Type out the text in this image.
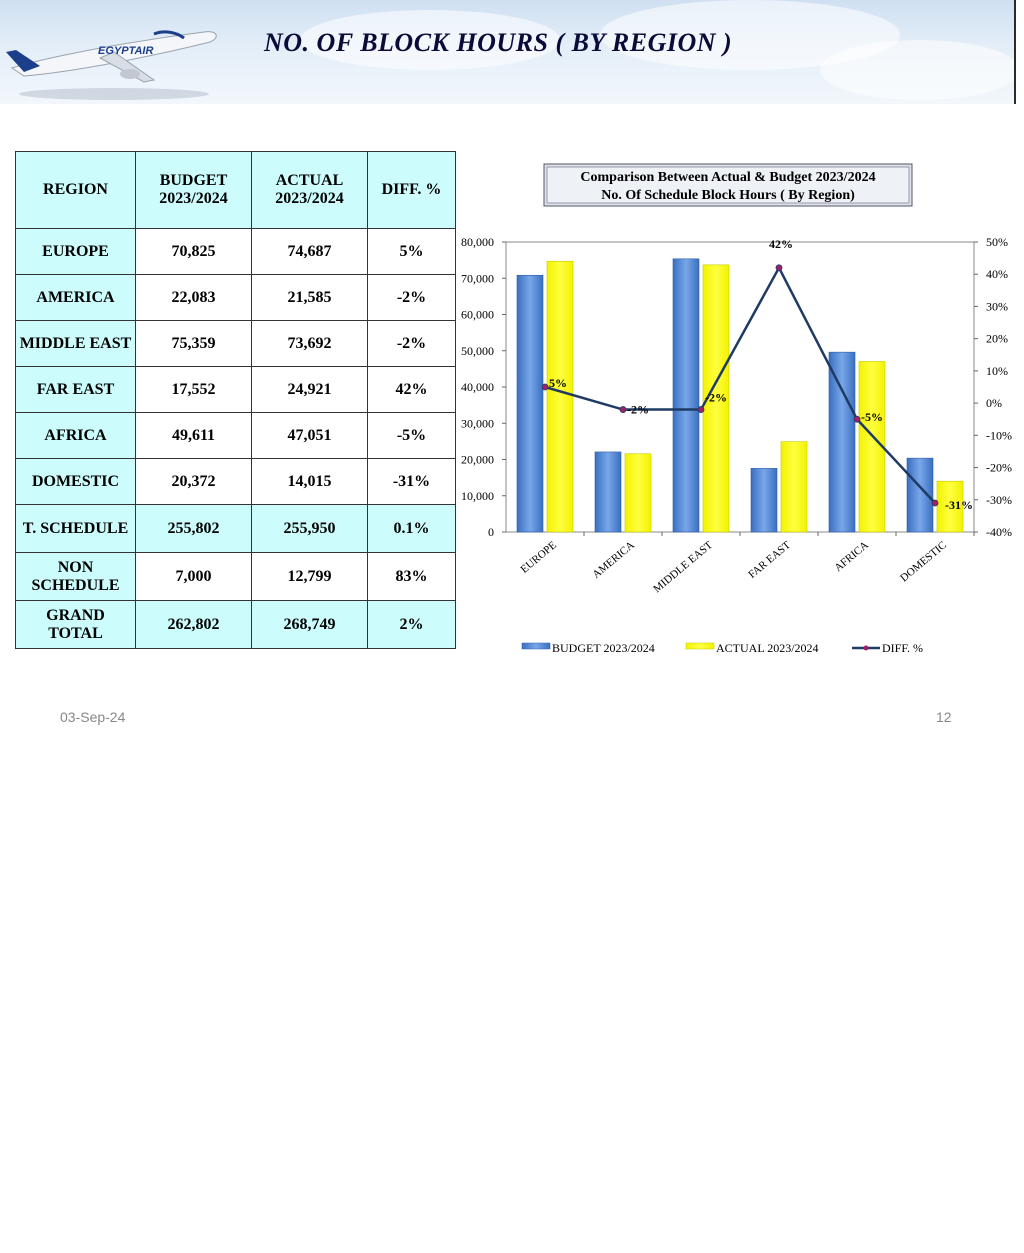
EGYPTAIR	NO. OF BLOCK HOURS ( BY REGION )
REGION	BUDGET 2023/2024	ACTUAL 2023/2024	DIFF. %
EUROPE	70,825	74,687	5%
AMERICA	22,083	21,585	-2%
MIDDLE EAST	75,359	73,692	-2%
FAR EAST	17,552	24,921	42%
AFRICA	49,611	47,051	-5%
DOMESTIC	20,372	14,015	-31%
T. SCHEDULE	255,802	255,950	0.1%
NON SCHEDULE	7,000	12,799	83%
GRAND TOTAL	262,802	268,749	2%
Comparison Between Actual & Budget 2023/2024
No. Of Schedule Block Hours ( By Region)
0
10,000
20,000
30,000
40,000
50,000
60,000
70,000
80,000
-40%
-30%
-20%
-10%
0%
10%
20%
30%
40%
50%
EUROPE	AMERICA MIDDLE EAST	FAR EAST	AFRICA DOMESTIC
5%
-2%
-2%
42%
-5%
-31%
BUDGET 2023/2024	ACTUAL 2023/2024	DIFF. %
03-Sep-24	12
